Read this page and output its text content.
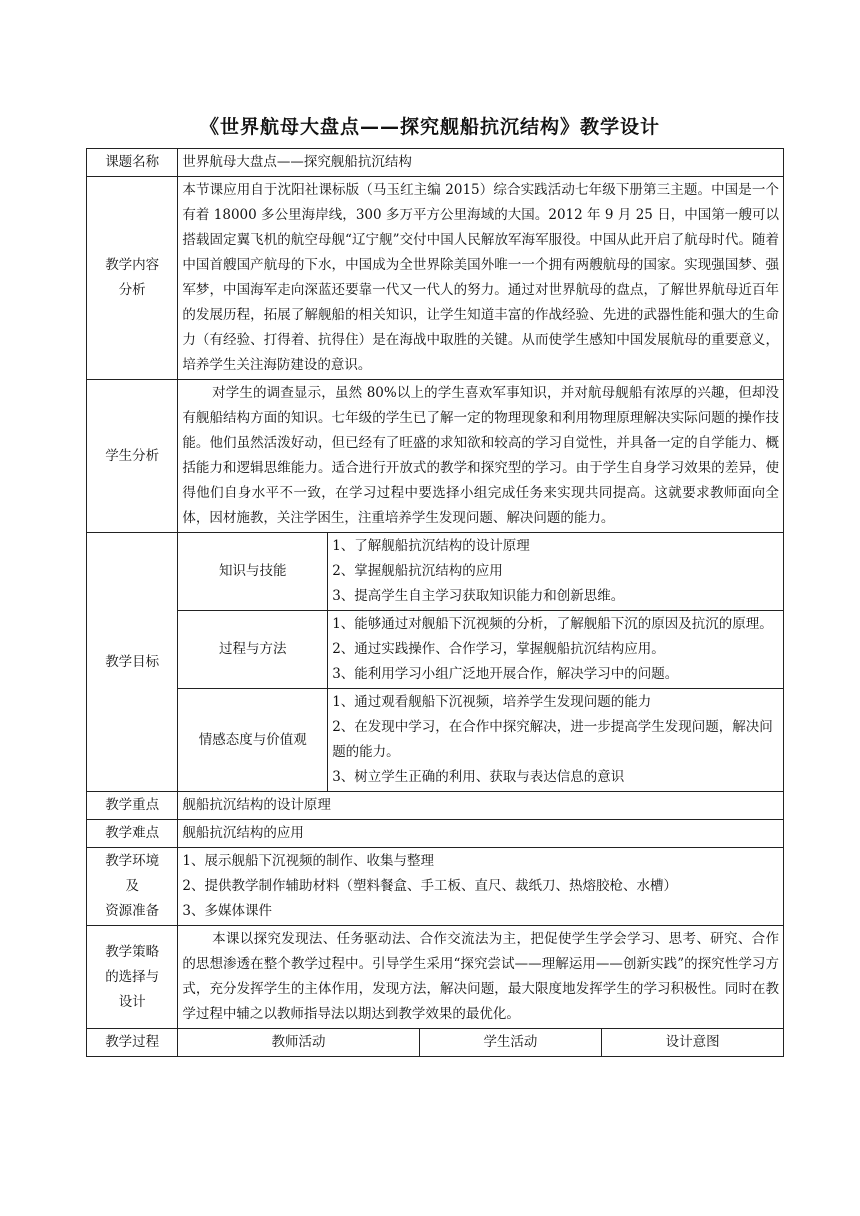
《世界航母大盘点——探究舰船抗沉结构》教学设计
课题名称	世界航母大盘点——探究舰船抗沉结构			

教学内容
分析	本节课应用自于沈阳社课标版（马玉红主编 2015）综合实践活动七年级下册第三主题。中国是一个有着 18000 多公里海岸线，300 多万平方公里海域的大国。2012 年 9 月 25 日，中国第一艘可以搭载固定翼飞机的航空母舰“辽宁舰”交付中国人民解放军海军服役。中国从此开启了航母时代。随着中国首艘国产航母的下水，中国成为全世界除美国外唯一一个拥有两艘航母的国家。实现强国梦、强军梦，中国海军走向深蓝还要靠一代又一代人的努力。通过对世界航母的盘点，了解世界航母近百年的发展历程，拓展了解舰船的相关知识，让学生知道丰富的作战经验、先进的武器性能和强大的生命力（有经验、打得着、抗得住）是在海战中取胜的关键。从而使学生感知中国发展航母的重要意义，培养学生关注海防建设的意识。			
学生分析	对学生的调查显示，虽然 80%以上的学生喜欢军事知识，并对航母舰船有浓厚的兴趣，但却没有舰船结构方面的知识。七年级的学生已了解一定的物理现象和利用物理原理解决实际问题的操作技能。他们虽然活泼好动，但已经有了旺盛的求知欲和较高的学习自觉性，并具备一定的自学能力、概括能力和逻辑思维能力。适合进行开放式的教学和探究型的学习。由于学生自身学习效果的差异，使得他们自身水平不一致，在学习过程中要选择小组完成任务来实现共同提高。这就要求教师面向全体，因材施教，关注学困生，注重培养学生发现问题、解决问题的能力。			
教学目标	知识与技能	1、了解舰船抗沉结构的设计原理
2、掌握舰船抗沉结构的应用
3、提高学生自主学习获取知识能力和创新思维。		

	过程与方法	1、能够通过对舰船下沉视频的分析，了解舰船下沉的原因及抗沉的原理。
2、通过实践操作、合作学习，掌握舰船抗沉结构应用。
3、能利用学习小组广泛地开展合作，解决学习中的问题。		

	情感态度与价值观	1、通过观看舰船下沉视频，培养学生发现问题的能力
2、在发现中学习，在合作中探究解决，进一步提高学生发现问题，解决问题的能力。
3、树立学生正确的利用、获取与表达信息的意识		

教学重点	舰船抗沉结构的设计原理			
教学难点	舰船抗沉结构的应用			

教学环境
及
资源准备	1、展示舰船下沉视频的制作、收集与整理
2、提供教学制作辅助材料（塑料餐盒、手工板、直尺、裁纸刀、热熔胶枪、水槽）
3、多媒体课件			

教学策略
的选择与
设计	本课以探究发现法、任务驱动法、合作交流法为主，把促使学生学会学习、思考、研究、合作的思想渗透在整个教学过程中。引导学生采用“探究尝试——理解运用——创新实践”的探究性学习方式，充分发挥学生的主体作用，发现方法，解决问题，最大限度地发挥学生的学习积极性。同时在教学过程中辅之以教师指导法以期达到教学效果的最优化。			
教学过程	教师活动		学生活动	设计意图
